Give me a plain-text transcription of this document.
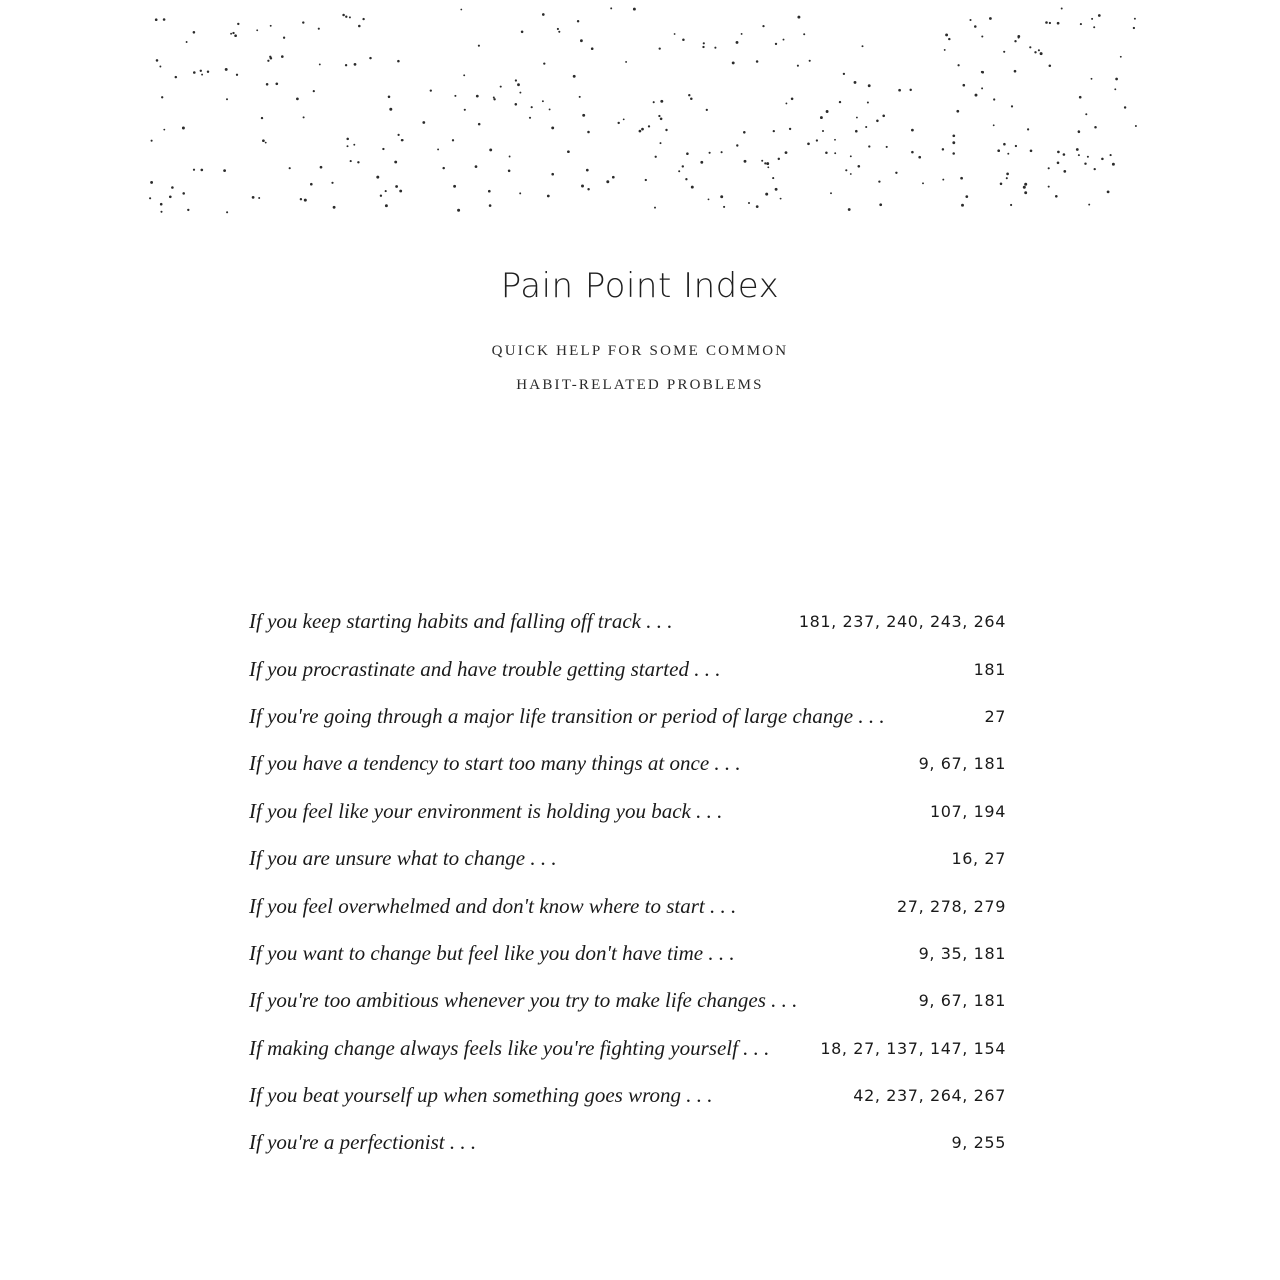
Pain Point Index
QUICK HELP FOR SOME COMMON
HABIT-RELATED PROBLEMS
If you keep starting habits and falling off track . . .	181, 237, 240, 243, 264
If you procrastinate and have trouble getting started . . .	181
If you're going through a major life transition or period of large change . . .	27
If you have a tendency to start too many things at once . . .	9, 67, 181
If you feel like your environment is holding you back . . .	107, 194
If you are unsure what to change . . .	16, 27
If you feel overwhelmed and don't know where to start . . .	27, 278, 279
If you want to change but feel like you don't have time . . .	9, 35, 181
If you're too ambitious whenever you try to make life changes . . .	9, 67, 181
If making change always feels like you're fighting yourself . . .	18, 27, 137, 147, 154
If you beat yourself up when something goes wrong . . .	42, 237, 264, 267
If you're a perfectionist . . .	9, 255
